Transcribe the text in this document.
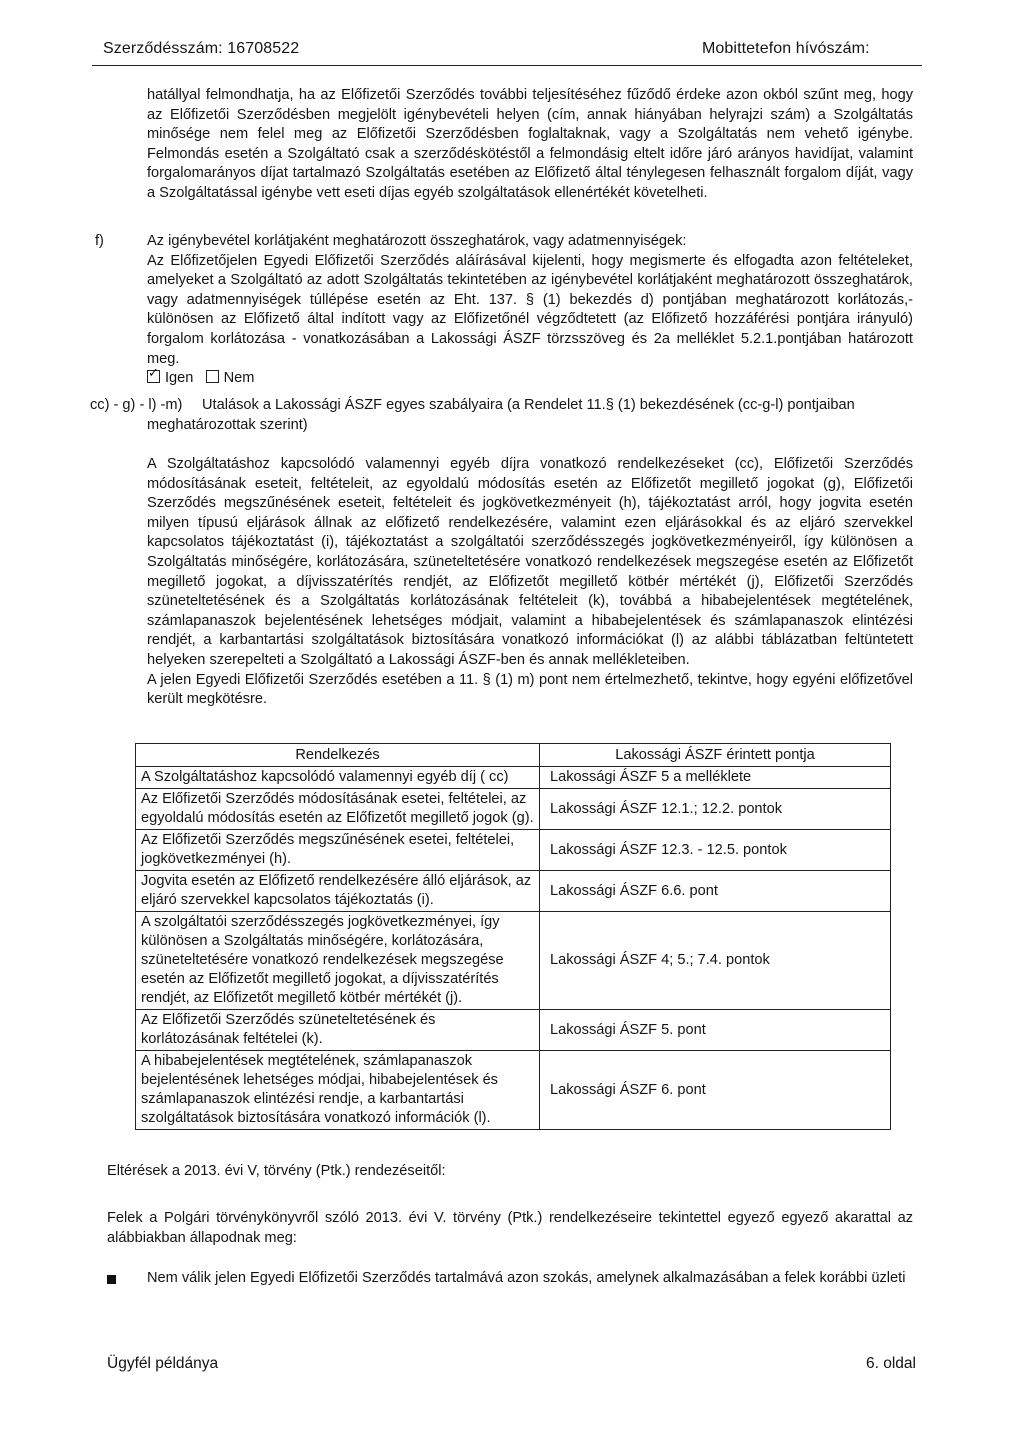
Szerződésszám: 16708522	Mobittetefon hívószám:
hatállyal felmondhatja, ha az Előfizetői Szerződés további teljesítéséhez fűződő érdeke azon okból szűnt meg, hogy az Előfizetői Szerződésben megjelölt igénybevételi helyen (cím, annak hiányában helyrajzi szám) a Szolgáltatás minősége nem felel meg az Előfizetői Szerződésben foglaltaknak, vagy a Szolgáltatás nem vehető igénybe. Felmondás esetén a Szolgáltató csak a szerződéskötéstől a felmondásig eltelt időre járó arányos havidíjat, valamint forgalomarányos díjat tartalmazó Szolgáltatás esetében az Előfizető által ténylegesen felhasznált forgalom díját, vagy a Szolgáltatással igénybe vett eseti díjas egyéb szolgáltatások ellenértékét követelheti.
f)	Az igénybevétel korlátjaként meghatározott összeghatárok, vagy adatmennyiségek:

Az Előfizetőjelen Egyedi Előfizetői Szerződés aláírásával kijelenti, hogy megismerte és elfogadta azon feltételeket, amelyeket a Szolgáltató az adott Szolgáltatás tekintetében az igénybevétel korlátjaként meghatározott összeghatárok, vagy adatmennyiségek túllépése esetén az Eht. 137. § (1) bekezdés d) pontjában meghatározott korlátozás,-különösen az Előfizető által indított vagy az Előfizetőnél végződtetett (az Előfizető hozzáférési pontjára irányuló) forgalom korlátozása - vonatkozásában a Lakossági ÁSZF törzsszöveg és 2a melléklet 5.2.1.pontjában határozott meg.

✓Igen Nem

cc) - g) - l) -m) Utalások a Lakossági ÁSZF egyes szabályaira (a Rendelet 11.§ (1) bekezdésének (cc-g-l) pontjaiban
meghatározottak szerint)

A Szolgáltatáshoz kapcsolódó valamennyi egyéb díjra vonatkozó rendelkezéseket (cc), Előfizetői Szerződés módosításának eseteit, feltételeit, az egyoldalú módosítás esetén az Előfizetőt megillető jogokat (g), Előfizetői Szerződés megszűnésének eseteit, feltételeit és jogkövetkezményeit (h), tájékoztatást arról, hogy jogvita esetén milyen típusú eljárások állnak az előfizető rendelkezésére, valamint ezen eljárásokkal és az eljáró szervekkel kapcsolatos tájékoztatást (i), tájékoztatást a szolgáltatói szerződésszegés jogkövetkezményeiről, így különösen a Szolgáltatás minőségére, korlátozására, szüneteltetésére vonatkozó rendelkezések megszegése esetén az Előfizetőt megillető jogokat, a díjvisszatérítés rendjét, az Előfizetőt megillető kötbér mértékét (j), Előfizetői Szerződés szüneteltetésének és a Szolgáltatás korlátozásának feltételeit (k), továbbá a hibabejelentések megtételének, számlapanaszok bejelentésének lehetséges módjait, valamint a hibabejelentések és számlapanaszok elintézési rendjét, a karbantartási szolgáltatások biztosítására vonatkozó információkat (l) az alábbi táblázatban feltüntetett helyeken szerepelteti a Szolgáltató a Lakossági ÁSZF-ben és annak mellékleteiben.

A jelen Egyedi Előfizetői Szerződés esetében a 11. § (1) m) pont nem értelmezhető, tekintve, hogy egyéni előfizetővel került megkötésre.

Rendelkezés	Lakossági ÁSZF érintett pontja
A Szolgáltatáshoz kapcsolódó valamennyi egyéb díj ( cc)	Lakossági ÁSZF 5 a melléklete
Az Előfizetői Szerződés módosításának esetei, feltételei, az egyoldalú módosítás esetén az Előfizetőt megillető jogok (g).	Lakossági ÁSZF 12.1.; 12.2. pontok
Az Előfizetői Szerződés megszűnésének esetei, feltételei, jogkövetkezményei (h).	Lakossági ÁSZF 12.3. - 12.5. pontok
Jogvita esetén az Előfizető rendelkezésére álló eljárások, az eljáró szervekkel kapcsolatos tájékoztatás (i).	Lakossági ÁSZF 6.6. pont
A szolgáltatói szerződésszegés jogkövetkezményei, így különösen a Szolgáltatás minőségére, korlátozására, szüneteltetésére vonatkozó rendelkezések megszegése esetén az Előfizetőt megillető jogokat, a díjvisszatérítés rendjét, az Előfizetőt megillető kötbér mértékét (j).	Lakossági ÁSZF 4; 5.; 7.4. pontok
Az Előfizetői Szerződés szüneteltetésének és korlátozásának feltételei (k).	Lakossági ÁSZF 5. pont
A hibabejelentések megtételének, számlapanaszok bejelentésének lehetséges módjai, hibabejelentések és számlapanaszok elintézési rendje, a karbantartási szolgáltatások biztosítására vonatkozó információk (l).	Lakossági ÁSZF 6. pont
Eltérések a 2013. évi V, törvény (Ptk.) rendezéseitől:
Felek a Polgári törvénykönyvről szóló 2013. évi V. törvény (Ptk.) rendelkezéseire tekintettel egyező egyező akarattal az alábbiakban állapodnak meg:
Nem válik jelen Egyedi Előfizetői Szerződés tartalmává azon szokás, amelynek alkalmazásában a felek korábbi üzleti
Ügyfél példánya	6. oldal
